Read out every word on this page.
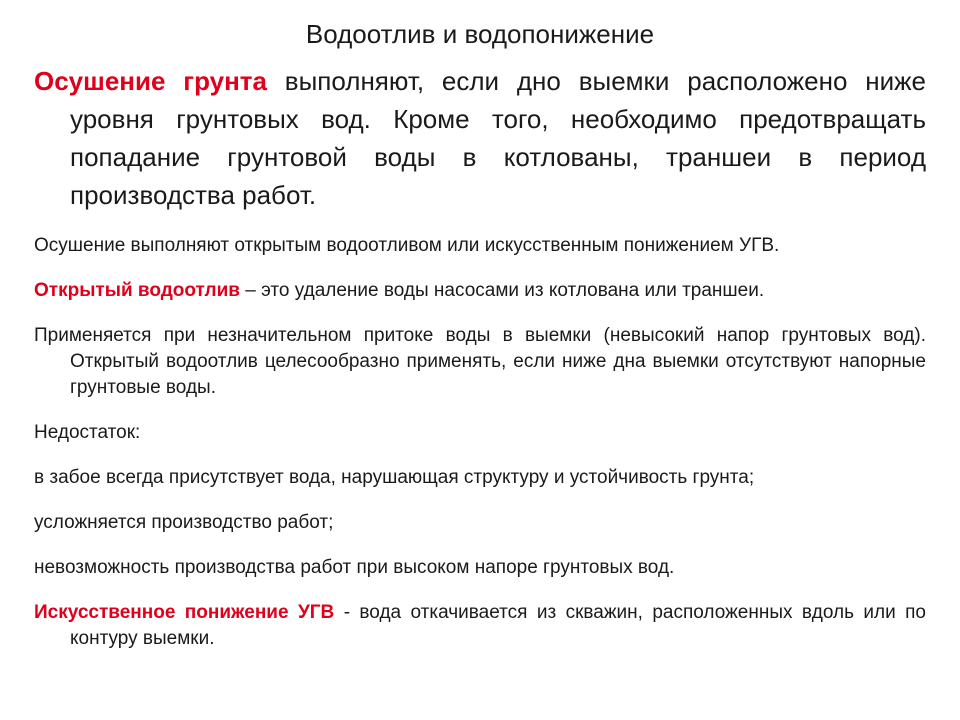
Водоотлив и водопонижение

Осушение грунта выполняют, если дно выемки расположено ниже уровня грунтовых вод. Кроме того, необходимо предотвращать попадание грунтовой воды в котлованы, траншеи в период производства работ.

Осушение выполняют открытым водоотливом или искусственным понижением УГВ.

Открытый водоотлив – это удаление воды насосами из котлована или траншеи.

Применяется при незначительном притоке воды в выемки (невысокий напор грунтовых вод). Открытый водоотлив целесообразно применять, если ниже дна выемки отсутствуют напорные грунтовые воды.

Недостаток:

в забое всегда присутствует вода, нарушающая структуру и устойчивость грунта;

усложняется производство работ;

невозможность производства работ при высоком напоре грунтовых вод.

Искусственное понижение УГВ - вода откачивается из скважин, расположенных вдоль или по контуру выемки.
